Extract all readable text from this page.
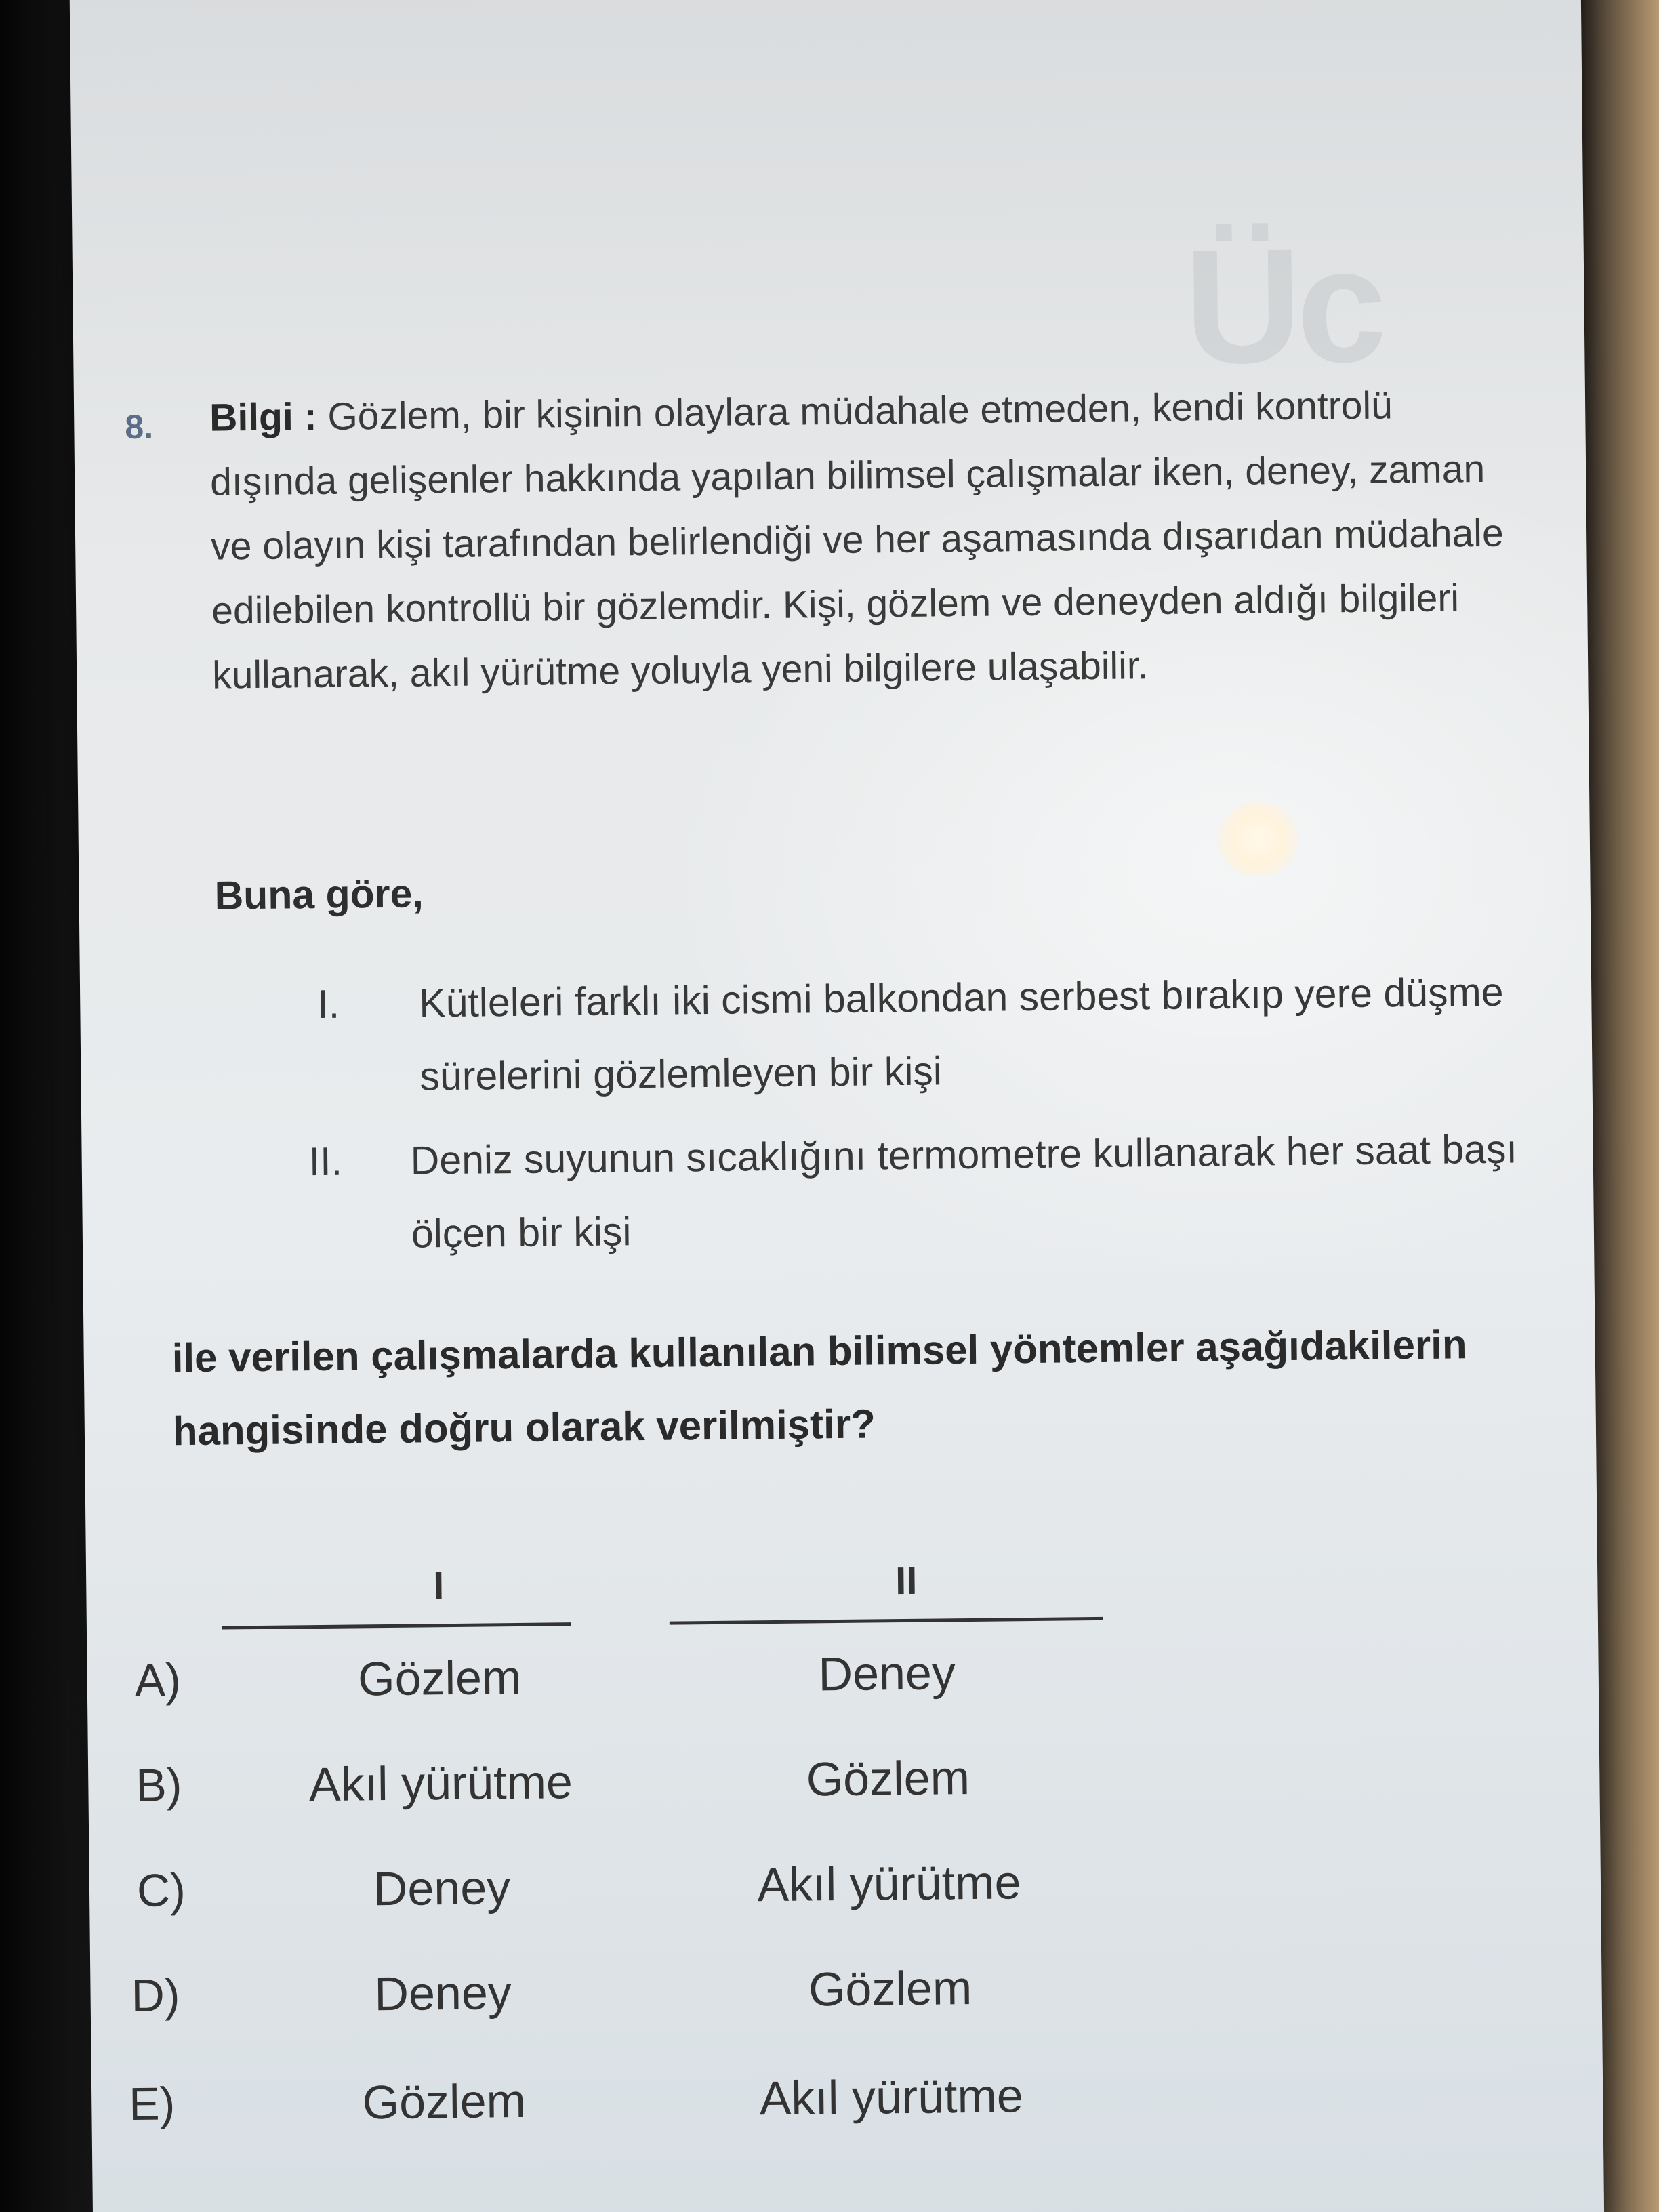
Üc
8. Bilgi : Gözlem, bir kişinin olaylara müdahale etmeden, kendi kontrolü dışında gelişenler hakkında yapılan bilimsel çalışmalar iken, deney, zaman ve olayın kişi tarafından belirlendiği ve her aşamasında dışarıdan müdahale edilebilen kontrollü bir gözlemdir. Kişi, gözlem ve deneyden aldığı bilgileri kullanarak, akıl yürütme yoluyla yeni bilgilere ulaşabilir.

Buna göre,
I. Kütleleri farklı iki cismi balkondan serbest bırakıp yere düşme sürelerini gözlemleyen bir kişi
II. Deniz suyunun sıcaklığını termometre kullanarak her saat başı ölçen bir kişi
ile verilen çalışmalarda kullanılan bilimsel yöntemler aşağıdakilerin hangisinde doğru olarak verilmiştir?
I	II
A)	Gözlem	Deney
B)	Akıl yürütme	Gözlem
C)	Deney	Akıl yürütme
D)	Deney	Gözlem
E)	Gözlem	Akıl yürütme
